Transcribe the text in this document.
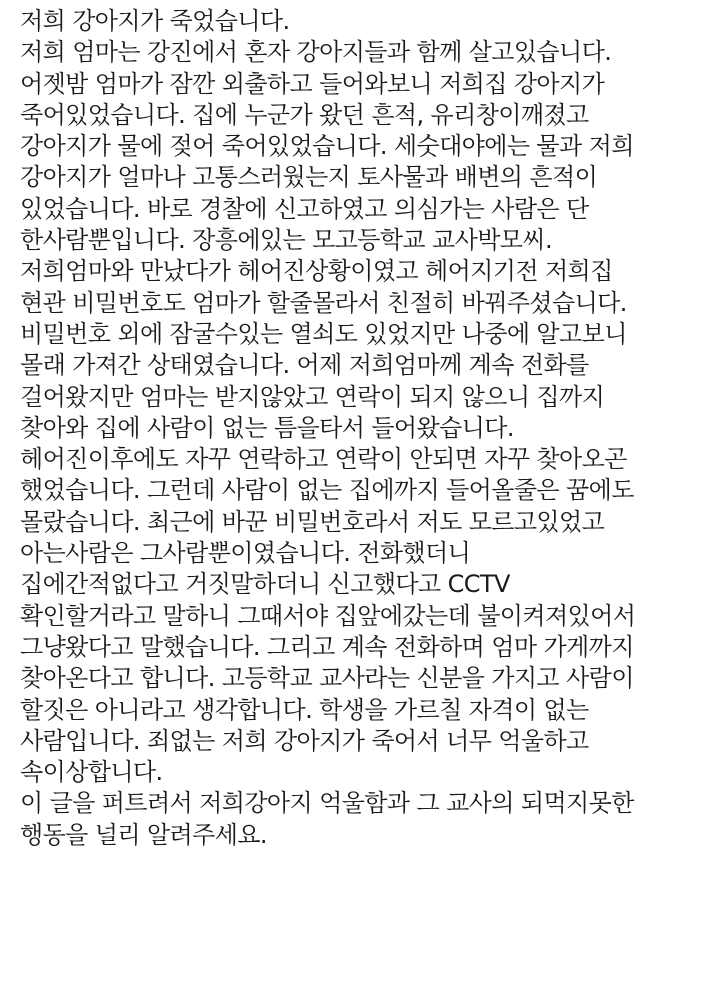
저희 강아지가 죽었습니다.
저희 엄마는 강진에서 혼자 강아지들과 함께 살고있습니다.
어젯밤 엄마가 잠깐 외출하고 들어와보니 저희집 강아지가
죽어있었습니다. 집에 누군가 왔던 흔적, 유리창이깨졌고
강아지가 물에 젖어 죽어있었습니다. 세숫대야에는 물과 저희
강아지가 얼마나 고통스러웠는지 토사물과 배변의 흔적이
있었습니다. 바로 경찰에 신고하였고 의심가는 사람은 단
한사람뿐입니다. 장흥에있는 모고등학교 교사박모씨.
저희엄마와 만났다가 헤어진상황이였고 헤어지기전 저희집
현관 비밀번호도 엄마가 할줄몰라서 친절히 바꿔주셨습니다.
비밀번호 외에 잠굴수있는 열쇠도 있었지만 나중에 알고보니
몰래 가져간 상태였습니다. 어제 저희엄마께 계속 전화를
걸어왔지만 엄마는 받지않았고 연락이 되지 않으니 집까지
찾아와 집에 사람이 없는 틈을타서 들어왔습니다.
헤어진이후에도 자꾸 연락하고 연락이 안되면 자꾸 찾아오곤
했었습니다. 그런데 사람이 없는 집에까지 들어올줄은 꿈에도
몰랐습니다. 최근에 바꾼 비밀번호라서 저도 모르고있었고
아는사람은 그사람뿐이였습니다. 전화했더니
집에간적없다고 거짓말하더니 신고했다고 CCTV
확인할거라고 말하니 그때서야 집앞에갔는데 불이켜져있어서
그냥왔다고 말했습니다. 그리고 계속 전화하며 엄마 가게까지
찾아온다고 합니다. 고등학교 교사라는 신분을 가지고 사람이
할짓은 아니라고 생각합니다. 학생을 가르칠 자격이 없는
사람입니다. 죄없는 저희 강아지가 죽어서 너무 억울하고
속이상합니다.
이 글을 퍼트려서 저희강아지 억울함과 그 교사의 되먹지못한
행동을 널리 알려주세요.
